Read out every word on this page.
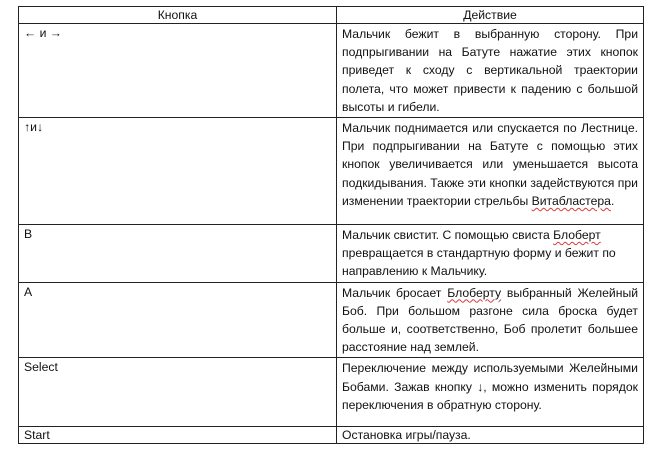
Кнопка	Действие
← и →	Мальчик бежит в выбранную сторону. При подпрыгивании на Батуте нажатие этих кнопок приведет к сходу с вертикальной траектории полета, что может привести к падению с большой высоты и гибели.
↑и↓	Мальчик поднимается или спускается по Лестнице. При подпрыгивании на Батуте с помощью этих кнопок увеличивается или уменьшается высота подкидывания. Также эти кнопки задействуются при изменении траектории стрельбы Витабластера.
B	Мальчик свистит. С помощью свиста Блоберт превращается в стандартную форму и бежит по направлению к Мальчику.
A	Мальчик бросает Блоберту выбранный Желейный Боб. При большом разгоне сила броска будет больше и, соответственно, Боб пролетит большее расстояние над землей.
Select	Переключение между используемыми Желейными Бобами. Зажав кнопку ↓, можно изменить порядок переключения в обратную сторону.
Start	Остановка игры/пауза.
